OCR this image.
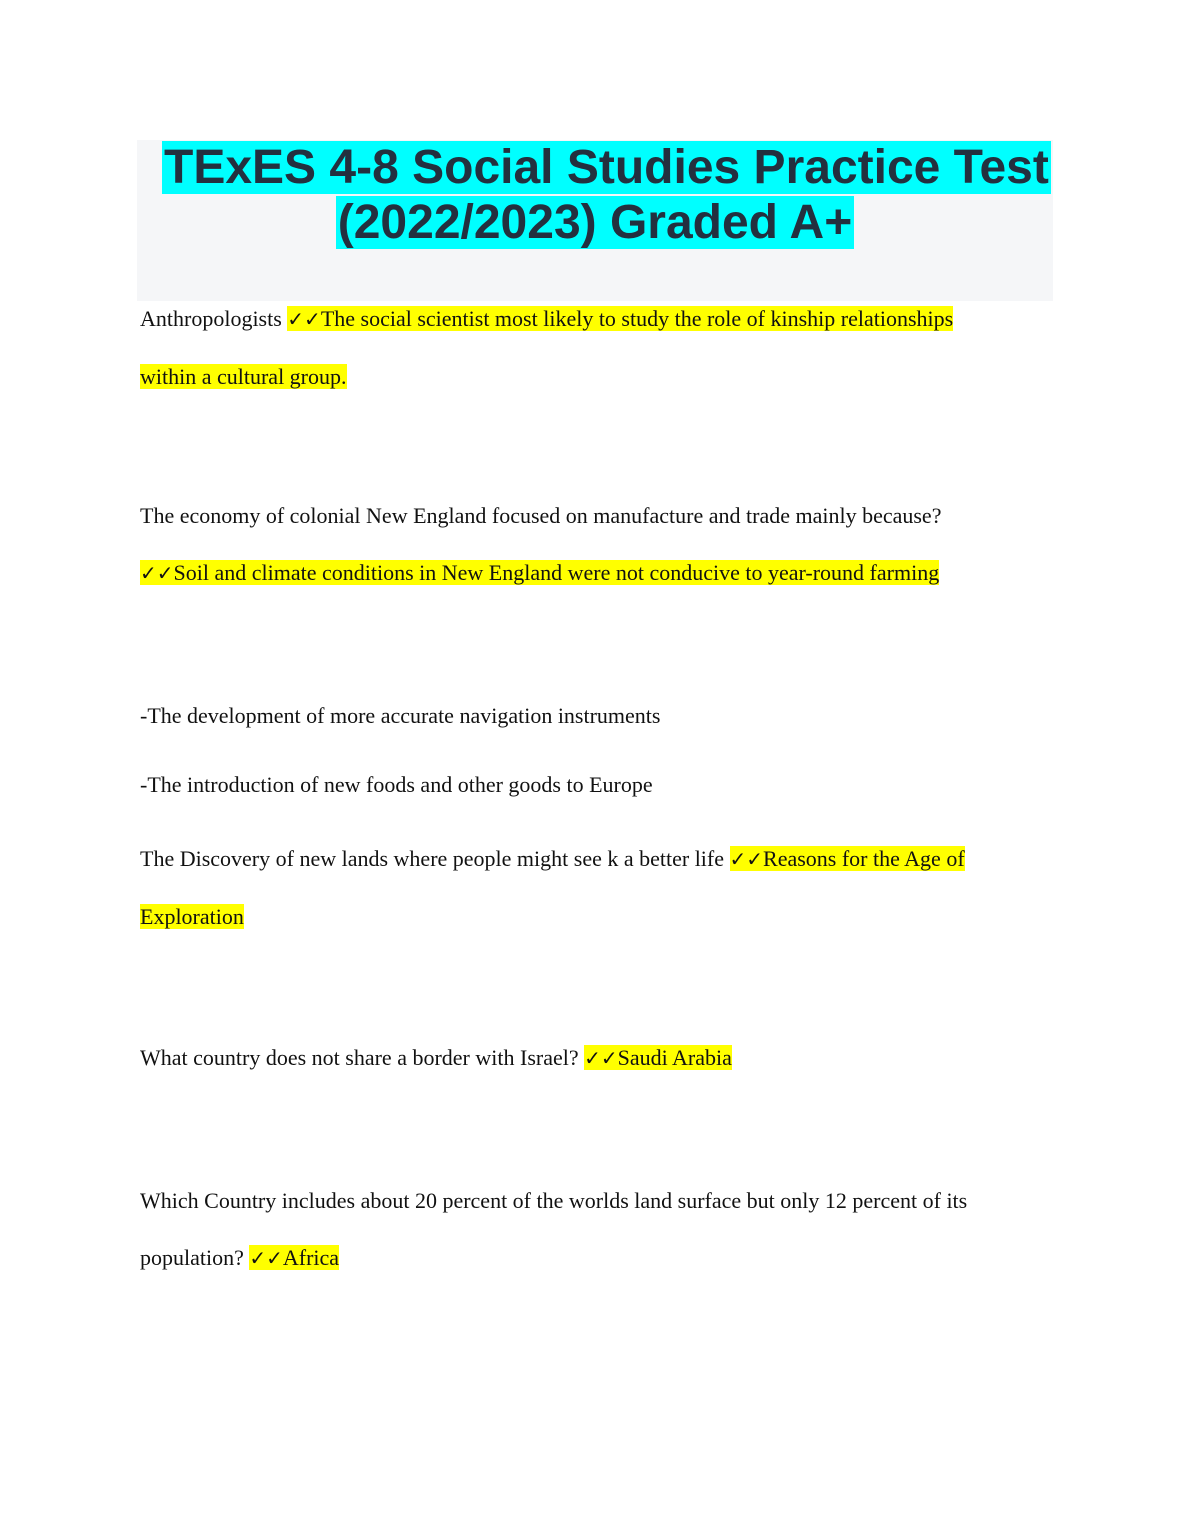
TExES 4-8 Social Studies Practice Test
(2022/2023) Graded A+
Anthropologists ✓✓The social scientist most likely to study the role of kinship relationships
within a cultural group.
The economy of colonial New England focused on manufacture and trade mainly because?
✓✓Soil and climate conditions in New England were not conducive to year-round farming
-The development of more accurate navigation instruments
-The introduction of new foods and other goods to Europe
The Discovery of new lands where people might see k a better life ✓✓Reasons for the Age of
Exploration
What country does not share a border with Israel? ✓✓Saudi Arabia
Which Country includes about 20 percent of the worlds land surface but only 12 percent of its
population? ✓✓Africa
